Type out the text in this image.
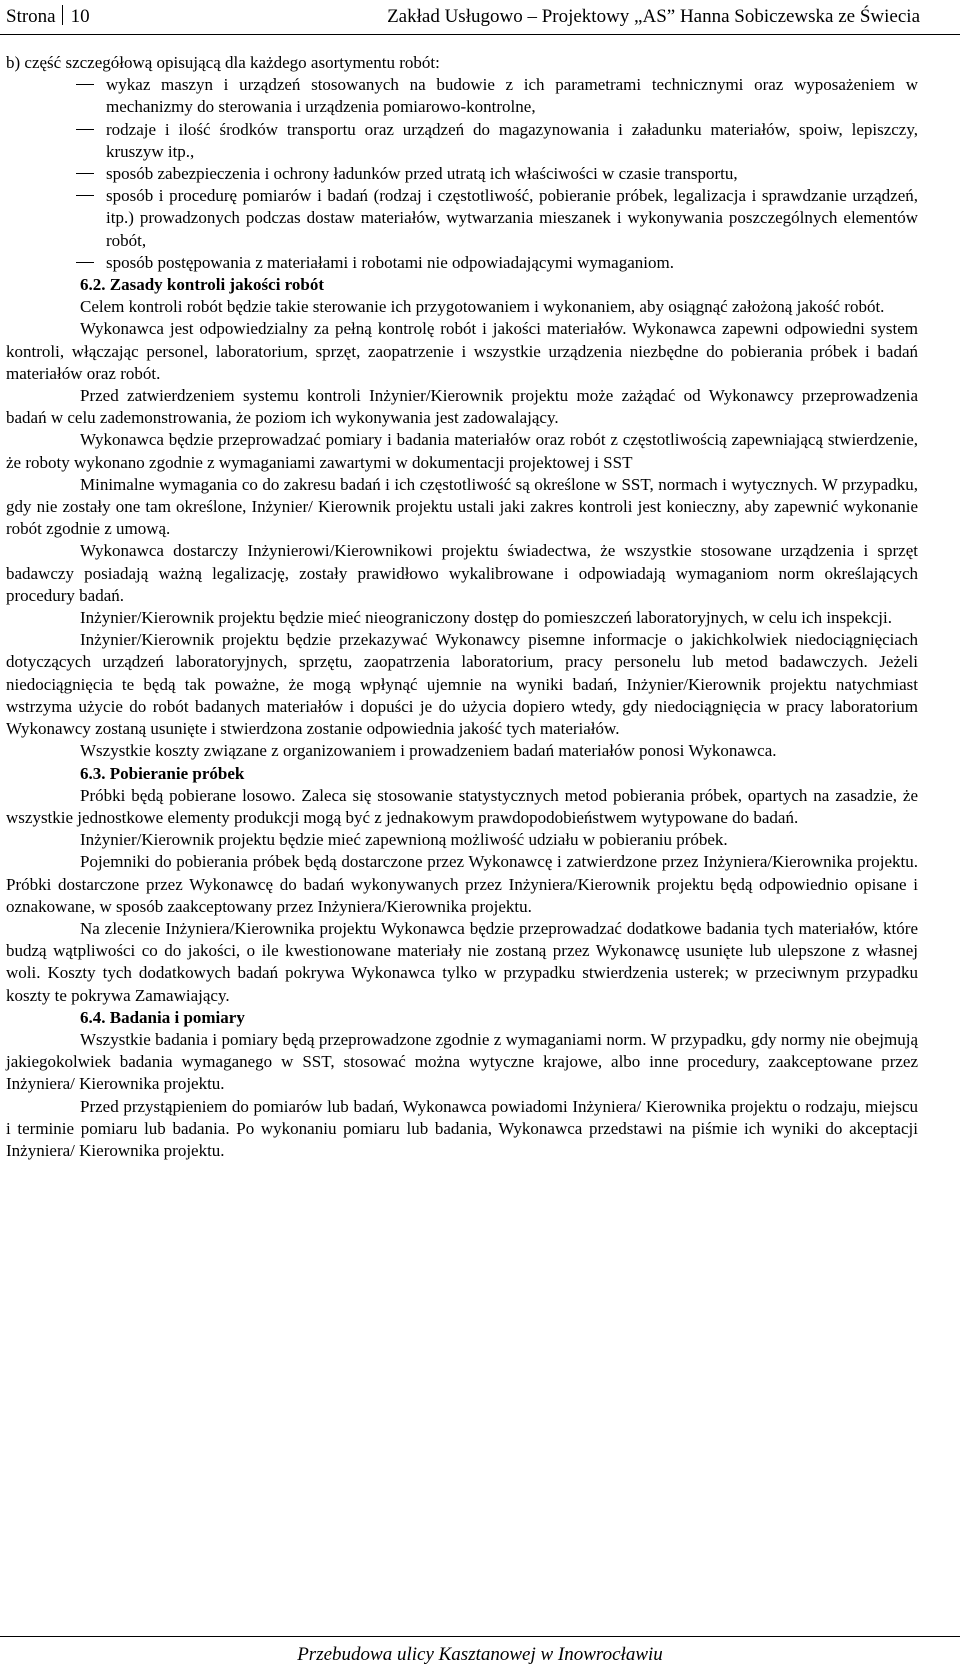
Strona 10	Zakład Usługowo – Projektowy „AS” Hanna Sobiczewska ze Świecia

b) część szczegółową opisującą dla każdego asortymentu robót:

wykaz maszyn i urządzeń stosowanych na budowie z ich parametrami technicznymi oraz wyposażeniem w mechanizmy do sterowania i urządzenia pomiarowo-kontrolne,
rodzaje i ilość środków transportu oraz urządzeń do magazynowania i załadunku materiałów, spoiw, lepiszczy, kruszyw itp.,
sposób zabezpieczenia i ochrony ładunków przed utratą ich właściwości w czasie transportu,
sposób i procedurę pomiarów i badań (rodzaj i częstotliwość, pobieranie próbek, legalizacja i sprawdzanie urządzeń, itp.) prowadzonych podczas dostaw materiałów, wytwarzania mieszanek i wykonywania poszczególnych elementów robót,
sposób postępowania z materiałami i robotami nie odpowiadającymi wymaganiom.

6.2. Zasady kontroli jakości robót

Celem kontroli robót będzie takie sterowanie ich przygotowaniem i wykonaniem, aby osiągnąć założoną jakość robót.

Wykonawca jest odpowiedzialny za pełną kontrolę robót i jakości materiałów. Wykonawca zapewni odpowiedni system kontroli, włączając personel, laboratorium, sprzęt, zaopatrzenie i wszystkie urządzenia niezbędne do pobierania próbek i badań materiałów oraz robót.

Przed zatwierdzeniem systemu kontroli Inżynier/Kierownik projektu może zażądać od Wykonawcy przeprowadzenia badań w celu zademonstrowania, że poziom ich wykonywania jest zadowalający.

Wykonawca będzie przeprowadzać pomiary i badania materiałów oraz robót z częstotliwością zapewniającą stwierdzenie, że roboty wykonano zgodnie z wymaganiami zawartymi w dokumentacji projektowej i SST

Minimalne wymagania co do zakresu badań i ich częstotliwość są określone w SST, normach i wytycznych. W przypadku, gdy nie zostały one tam określone, Inżynier/ Kierownik projektu ustali jaki zakres kontroli jest konieczny, aby zapewnić wykonanie robót zgodnie z umową.

Wykonawca dostarczy Inżynierowi/Kierownikowi projektu świadectwa, że wszystkie stosowane urządzenia i sprzęt badawczy posiadają ważną legalizację, zostały prawidłowo wykalibrowane i odpowiadają wymaganiom norm określających procedury badań.

Inżynier/Kierownik projektu będzie mieć nieograniczony dostęp do pomieszczeń laboratoryjnych, w celu ich inspekcji.

Inżynier/Kierownik projektu będzie przekazywać Wykonawcy pisemne informacje o jakichkolwiek niedociągnięciach dotyczących urządzeń laboratoryjnych, sprzętu, zaopatrzenia laboratorium, pracy personelu lub metod badawczych. Jeżeli niedociągnięcia te będą tak poważne, że mogą wpłynąć ujemnie na wyniki badań, Inżynier/Kierownik projektu natychmiast wstrzyma użycie do robót badanych materiałów i dopuści je do użycia dopiero wtedy, gdy niedociągnięcia w pracy laboratorium Wykonawcy zostaną usunięte i stwierdzona zostanie odpowiednia jakość tych materiałów.

Wszystkie koszty związane z organizowaniem i prowadzeniem badań materiałów ponosi Wykonawca.

6.3. Pobieranie próbek

Próbki będą pobierane losowo. Zaleca się stosowanie statystycznych metod pobierania próbek, opartych na zasadzie, że wszystkie jednostkowe elementy produkcji mogą być z jednakowym prawdopodobieństwem wytypowane do badań.

Inżynier/Kierownik projektu będzie mieć zapewnioną możliwość udziału w pobieraniu próbek.

Pojemniki do pobierania próbek będą dostarczone przez Wykonawcę i zatwierdzone przez Inżyniera/Kierownika projektu. Próbki dostarczone przez Wykonawcę do badań wykonywanych przez Inżyniera/Kierownik projektu będą odpowiednio opisane i oznakowane, w sposób zaakceptowany przez Inżyniera/Kierownika projektu.

Na zlecenie Inżyniera/Kierownika projektu Wykonawca będzie przeprowadzać dodatkowe badania tych materiałów, które budzą wątpliwości co do jakości, o ile kwestionowane materiały nie zostaną przez Wykonawcę usunięte lub ulepszone z własnej woli. Koszty tych dodatkowych badań pokrywa Wykonawca tylko w przypadku stwierdzenia usterek; w przeciwnym przypadku koszty te pokrywa Zamawiający.

6.4. Badania i pomiary

Wszystkie badania i pomiary będą przeprowadzone zgodnie z wymaganiami norm. W przypadku, gdy normy nie obejmują jakiegokolwiek badania wymaganego w SST, stosować można wytyczne krajowe, albo inne procedury, zaakceptowane przez Inżyniera/ Kierownika projektu.

Przed przystąpieniem do pomiarów lub badań, Wykonawca powiadomi Inżyniera/ Kierownika projektu o rodzaju, miejscu i terminie pomiaru lub badania. Po wykonaniu pomiaru lub badania, Wykonawca przedstawi na piśmie ich wyniki do akceptacji Inżyniera/ Kierownika projektu.

Przebudowa ulicy Kasztanowej w Inowrocławiu
